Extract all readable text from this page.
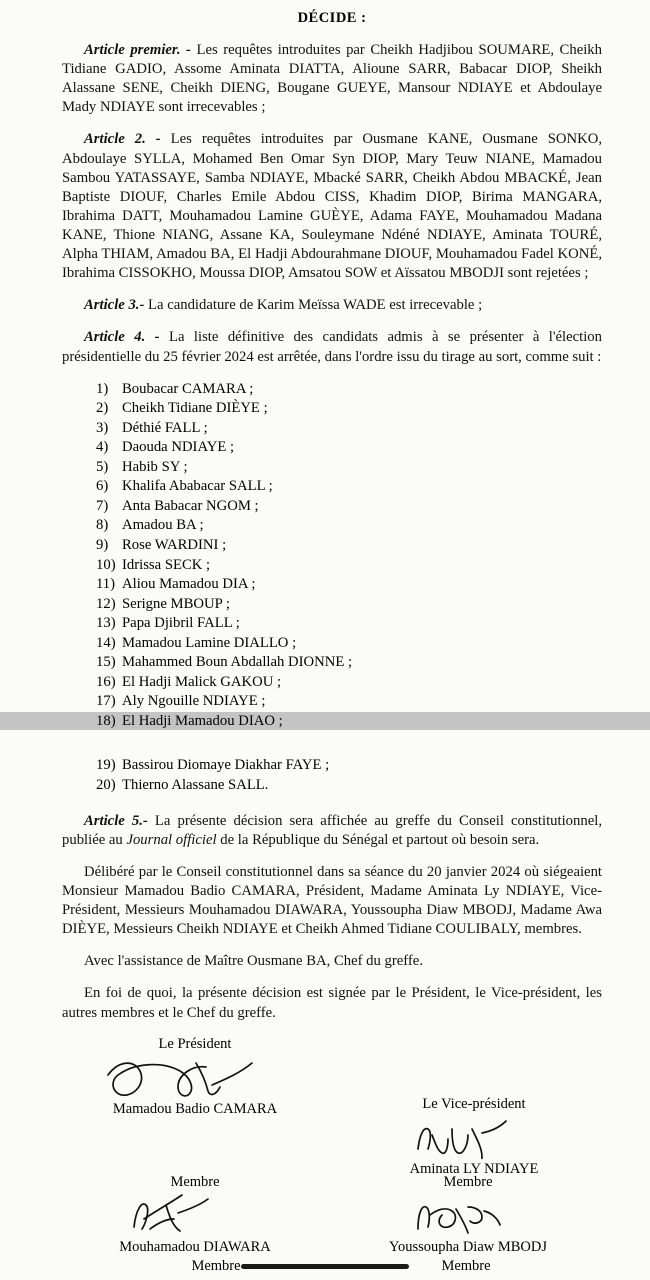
DÉCIDE :

Article premier. - Les requêtes introduites par Cheikh Hadjibou SOUMARE, Cheikh Tidiane GADIO, Assome Aminata DIATTA, Alioune SARR, Babacar DIOP, Sheikh Alassane SENE, Cheikh DIENG, Bougane GUEYE, Mansour NDIAYE et Abdoulaye Mady NDIAYE sont irrecevables ;

Article 2. - Les requêtes introduites par Ousmane KANE, Ousmane SONKO, Abdoulaye SYLLA, Mohamed Ben Omar Syn DIOP, Mary Teuw NIANE, Mamadou Sambou YATASSAYE, Samba NDIAYE, Mbacké SARR, Cheikh Abdou MBACKÉ, Jean Baptiste DIOUF, Charles Emile Abdou CISS, Khadim DIOP, Birima MANGARA, Ibrahima DATT, Mouhamadou Lamine GUÈYE, Adama FAYE, Mouhamadou Madana KANE, Thione NIANG, Assane KA, Souleymane Ndéné NDIAYE, Aminata TOURÉ, Alpha THIAM, Amadou BA, El Hadji Abdourahmane DIOUF, Mouhamadou Fadel KONÉ, Ibrahima CISSOKHO, Moussa DIOP, Amsatou SOW et Aïssatou MBODJI sont rejetées ;

Article 3.- La candidature de Karim Meïssa WADE est irrecevable ;

Article 4. - La liste définitive des candidats admis à se présenter à l'élection présidentielle du 25 février 2024 est arrêtée, dans l'ordre issu du tirage au sort, comme suit :

1) Boubacar CAMARA ;
2) Cheikh Tidiane DIÈYE ;
3) Déthié FALL ;
4) Daouda NDIAYE ;
5) Habib SY ;
6) Khalifa Ababacar SALL ;
7) Anta Babacar NGOM ;
8) Amadou BA ;
9) Rose WARDINI ;
10) Idrissa SECK ;
11) Aliou Mamadou DIA ;
12) Serigne MBOUP ;
13) Papa Djibril FALL ;
14) Mamadou Lamine DIALLO ;
15) Mahammed Boun Abdallah DIONNE ;
16) El Hadji Malick GAKOU ;
17) Aly Ngouille NDIAYE ;
18) El Hadji Mamadou DIAO ;
19) Bassirou Diomaye Diakhar FAYE ;
20) Thierno Alassane SALL.

Article 5.- La présente décision sera affichée au greffe du Conseil constitutionnel, publiée au Journal officiel de la République du Sénégal et partout où besoin sera.

Délibéré par le Conseil constitutionnel dans sa séance du 20 janvier 2024 où siégeaient Monsieur Mamadou Badio CAMARA, Président, Madame Aminata Ly NDIAYE, Vice-Président, Messieurs Mouhamadou DIAWARA, Youssoupha Diaw MBODJ, Madame Awa DIÈYE, Messieurs Cheikh NDIAYE et Cheikh Ahmed Tidiane COULIBALY, membres.

Avec l'assistance de Maître Ousmane BA, Chef du greffe.

En foi de quoi, la présente décision est signée par le Président, le Vice-président, les autres membres et le Chef du greffe.

Le Président
Mamadou Badio CAMARA	Le Vice-président
Aminata LY NDIAYE
Membre
Mouhamadou DIAWARA
Membre
Youssoupha Diaw MBODJ
Membre	Membre
